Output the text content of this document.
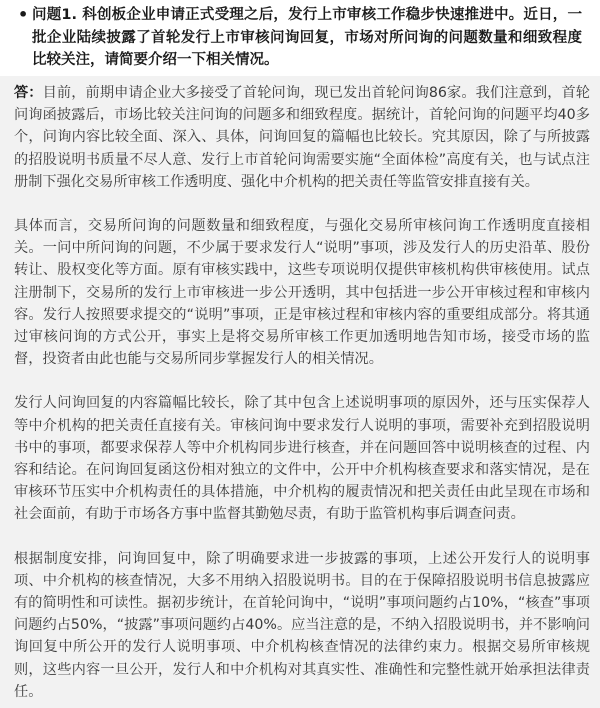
• 问题1. 科创板企业申请正式受理之后，发行上市审核工作稳步快速推进中。近日，一批企业陆续披露了首轮发行上市审核问询回复，市场对所问询的问题数量和细致程度比较关注，请简要介绍一下相关情况。

答：目前，前期申请企业大多接受了首轮问询，现已发出首轮问询86家。我们注意到，首轮问询函披露后，市场比较关注问询的问题多和细致程度。据统计，首轮问询的问题平均40多个，问询内容比较全面、深入、具体，问询回复的篇幅也比较长。究其原因，除了与所披露的招股说明书质量不尽人意、发行上市首轮问询需要实施“全面体检”高度有关，也与试点注册制下强化交易所审核工作透明度、强化中介机构的把关责任等监管安排直接有关。

具体而言，交易所问询的问题数量和细致程度，与强化交易所审核问询工作透明度直接相关。一问中所问询的问题，不少属于要求发行人“说明”事项，涉及发行人的历史沿革、股份转让、股权变化等方面。原有审核实践中，这些专项说明仅提供审核机构供审核使用。试点注册制下，交易所的发行上市审核进一步公开透明，其中包括进一步公开审核过程和审核内容。发行人按照要求提交的“说明”事项，正是审核过程和审核内容的重要组成部分。将其通过审核问询的方式公开，事实上是将交易所审核工作更加透明地告知市场，接受市场的监督，投资者由此也能与交易所同步掌握发行人的相关情况。

发行人问询回复的内容篇幅比较长，除了其中包含上述说明事项的原因外，还与压实保荐人等中介机构的把关责任直接有关。审核问询中要求发行人说明的事项，需要补充到招股说明书中的事项，都要求保荐人等中介机构同步进行核查，并在问题回答中说明核查的过程、内容和结论。在问询回复函这份相对独立的文件中，公开中介机构核查要求和落实情况，是在审核环节压实中介机构责任的具体措施，中介机构的履责情况和把关责任由此呈现在市场和社会面前，有助于市场各方事中监督其勤勉尽责，有助于监管机构事后调查问责。

根据制度安排，问询回复中，除了明确要求进一步披露的事项，上述公开发行人的说明事项、中介机构的核查情况，大多不用纳入招股说明书。目的在于保障招股说明书信息披露应有的简明性和可读性。据初步统计，在首轮问询中，“说明”事项问题约占10%，“核查”事项问题约占50%，“披露”事项问题约占40%。应当注意的是，不纳入招股说明书，并不影响问询回复中所公开的发行人说明事项、中介机构核查情况的法律约束力。根据交易所审核规则，这些内容一旦公开，发行人和中介机构对其真实性、准确性和完整性就开始承担法律责任。
